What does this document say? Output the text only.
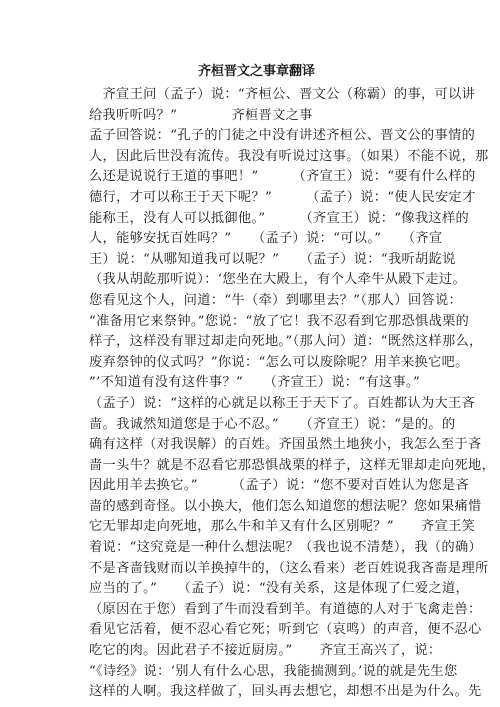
齐桓晋文之事章翻译
　齐宣王问（孟子）说：“齐桓公、晋文公（称霸）的事，可以讲
给我听听吗？”　　　　齐桓晋文之事
孟子回答说：“孔子的门徒之中没有讲述齐桓公、晋文公的事情的
人，因此后世没有流传。我没有听说过这事。（如果）不能不说，那
么还是说说行王道的事吧！”　　　（齐宣王）说：“要有什么样的
德行，才可以称王于天下呢？”　　　（孟子）说：“使人民安定才
能称王，没有人可以抵御他。”　　　（齐宣王）说：“像我这样的
人，能够安抚百姓吗？”　　（孟子）说：“可以。”　　（齐宣
王）说：“从哪知道我可以呢？”　　（孟子）说：“我听胡龁说
（我从胡龁那听说）：‘您坐在大殿上，有个人牵牛从殿下走过。
您看见这个人，问道：“牛（牵）到哪里去？”（那人）回答说：
“准备用它来祭钟。”您说：“放了它！我不忍看到它那恐惧战栗的
样子，这样没有罪过却走向死地。”（那人问）道：“既然这样那么，
废弃祭钟的仪式吗？”你说：“怎么可以废除呢？用羊来换它吧。
”’不知道有没有这件事？”　　（齐宣王）说：“有这事。”
（孟子）说：“这样的心就足以称王于天下了。百姓都认为大王吝
啬。我诚然知道您是于心不忍。”　　（齐宣王）说：“是的。的
确有这样（对我误解）的百姓。齐国虽然土地狭小，我怎么至于吝
啬一头牛？就是不忍看它那恐惧战栗的样子，这样无罪却走向死地，
因此用羊去换它。”　　　（孟子）说：“您不要对百姓认为您是吝
啬的感到奇怪。以小换大，他们怎么知道您的想法呢？您如果痛惜
它无罪却走向死地，那么牛和羊又有什么区别呢？”　　齐宣王笑
着说：“这究竟是一种什么想法呢？（我也说不清楚），我（的确）
不是吝啬钱财而以羊换掉牛的，（这么看来）老百姓说我吝啬是理所
应当的了。”　　（孟子）说：“没有关系，这是体现了仁爱之道，
（原因在于您）看到了牛而没看到羊。有道德的人对于飞禽走兽：
看见它活着，便不忍心看它死；听到它（哀鸣）的声音，便不忍心
吃它的肉。因此君子不接近厨房。”　　齐宣王高兴了，说：
“《诗经》说：‘别人有什么心思，我能揣测到。’说的就是先生您
这样的人啊。我这样做了，回头再去想它，却想不出是为什么。先
